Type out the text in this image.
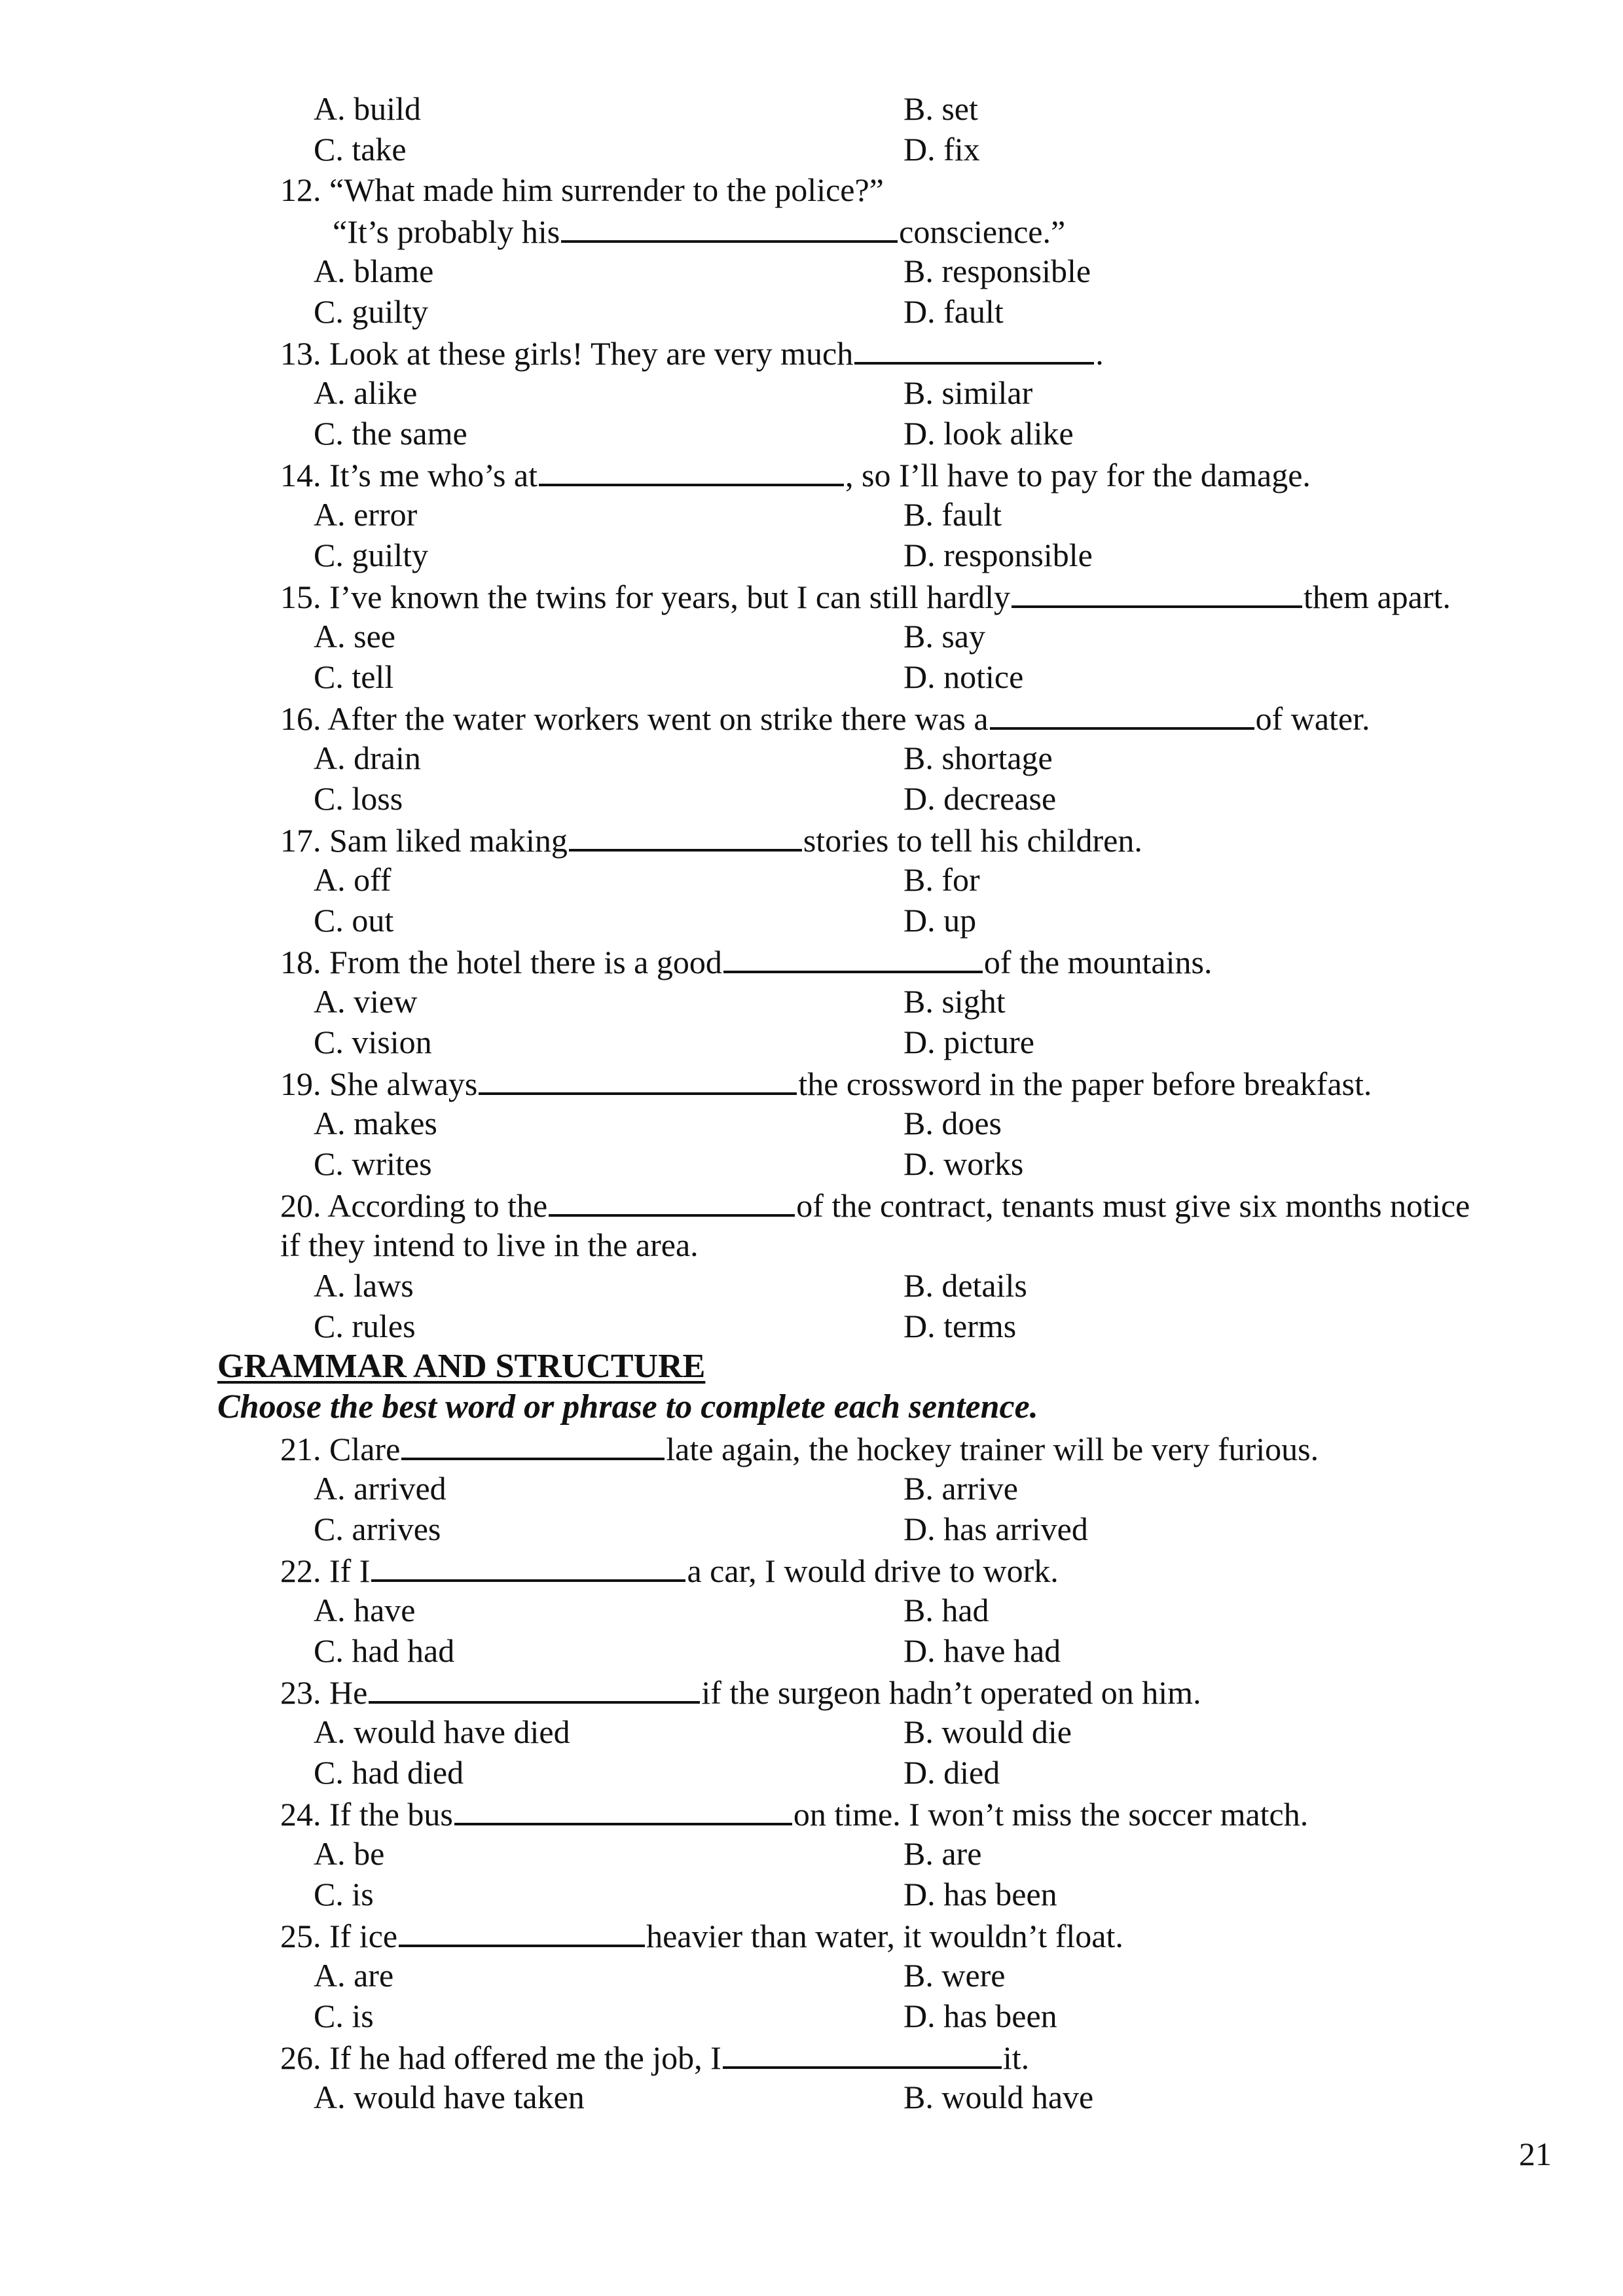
A. build	B. set
C. take	D. fix
12. “What made him surrender to the police?”
“It’s probably his	conscience.”
A. blame	B. responsible
C. guilty	D. fault
13. Look at these girls! They are very much	.
A. alike	B. similar
C. the same	D. look alike
14. It’s me who’s at	, so I’ll have to pay for the damage.
A. error	B. fault
C. guilty	D. responsible
15. I’ve known the twins for years, but I can still hardly	them apart.
A. see	B. say
C. tell	D. notice
16. After the water workers went on strike there was a	of water.
A. drain	B. shortage
C. loss	D. decrease
17. Sam liked making	stories to tell his children.
A. off	B. for
C. out	D. up
18. From the hotel there is a good	of the mountains.
A. view	B. sight
C. vision	D. picture
19. She always	the crossword in the paper before breakfast.
A. makes	B. does
C. writes	D. works
20. According to the	of the contract, tenants must give six months notice
if they intend to live in the area.
A. laws	B. details
C. rules	D. terms
GRAMMAR AND STRUCTURE
Choose the best word or phrase to complete each sentence.
21. Clare	late again, the hockey trainer will be very furious.
A. arrived	B. arrive
C. arrives	D. has arrived
22. If I	a car, I would drive to work.
A. have	B. had
C. had had	D. have had
23. He	if the surgeon hadn’t operated on him.
A. would have died	B. would die
C. had died	D. died
24. If the bus	on time. I won’t miss the soccer match.
A. be	B. are
C. is	D. has been
25. If ice	heavier than water, it wouldn’t float.
A. are	B. were
C. is	D. has been
26. If he had offered me the job, I	it.
A. would have taken	B. would have
21
